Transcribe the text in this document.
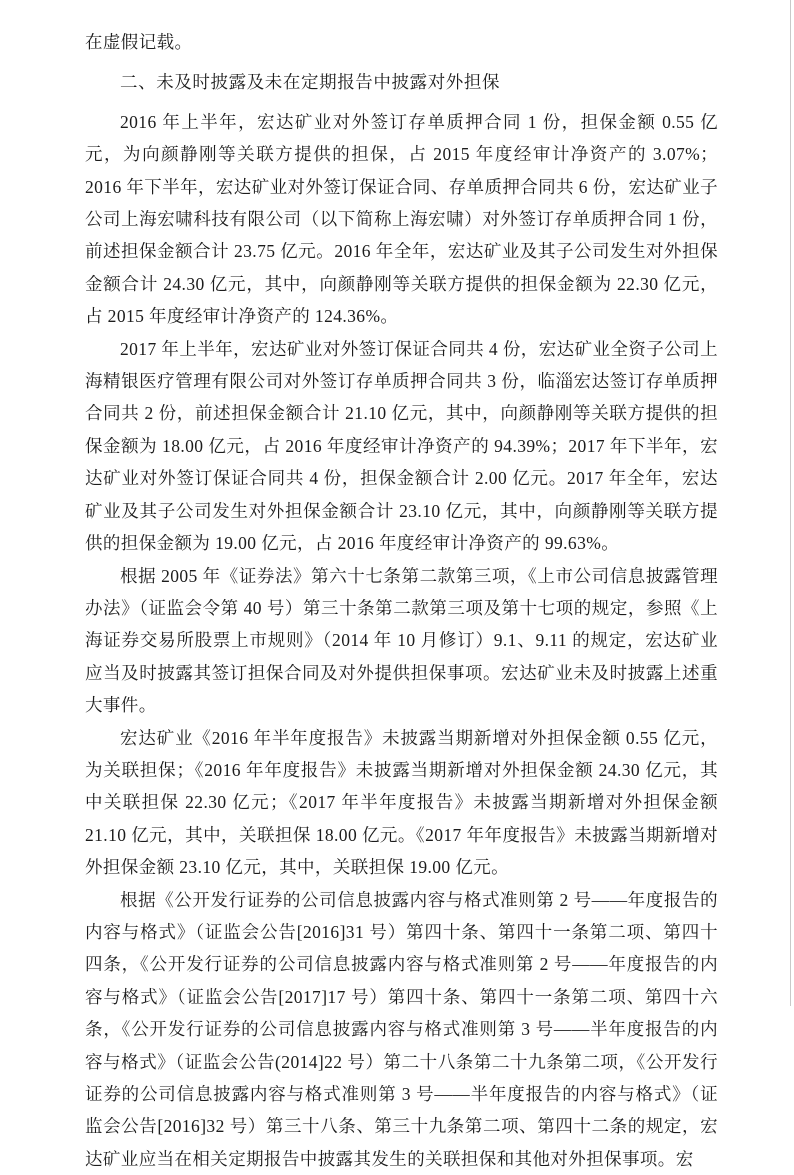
在虚假记载。

二、未及时披露及未在定期报告中披露对外担保

2016 年上半年，宏达矿业对外签订存单质押合同 1 份，担保金额 0.55 亿元，为向颜静刚等关联方提供的担保，占 2015 年度经审计净资产的 3.07%；2016 年下半年，宏达矿业对外签订保证合同、存单质押合同共 6 份，宏达矿业子公司上海宏啸科技有限公司（以下简称上海宏啸）对外签订存单质押合同 1 份，前述担保金额合计 23.75 亿元。2016 年全年，宏达矿业及其子公司发生对外担保金额合计 24.30 亿元，其中，向颜静刚等关联方提供的担保金额为 22.30 亿元，占 2015 年度经审计净资产的 124.36%。

2017 年上半年，宏达矿业对外签订保证合同共 4 份，宏达矿业全资子公司上海精银医疗管理有限公司对外签订存单质押合同共 3 份，临淄宏达签订存单质押合同共 2 份，前述担保金额合计 21.10 亿元，其中，向颜静刚等关联方提供的担保金额为 18.00 亿元，占 2016 年度经审计净资产的 94.39%；2017 年下半年，宏达矿业对外签订保证合同共 4 份，担保金额合计 2.00 亿元。2017 年全年，宏达矿业及其子公司发生对外担保金额合计 23.10 亿元，其中，向颜静刚等关联方提供的担保金额为 19.00 亿元，占 2016 年度经审计净资产的 99.63%。

根据 2005 年《证券法》第六十七条第二款第三项，《上市公司信息披露管理办法》（证监会令第 40 号）第三十条第二款第三项及第十七项的规定，参照《上海证券交易所股票上市规则》（2014 年 10 月修订）9.1、9.11 的规定，宏达矿业应当及时披露其签订担保合同及对外提供担保事项。宏达矿业未及时披露上述重大事件。

宏达矿业《2016 年半年度报告》未披露当期新增对外担保金额 0.55 亿元，为关联担保；《2016 年年度报告》未披露当期新增对外担保金额 24.30 亿元，其中关联担保 22.30 亿元；《2017 年半年度报告》未披露当期新增对外担保金额 21.10 亿元，其中，关联担保 18.00 亿元。《2017 年年度报告》未披露当期新增对外担保金额 23.10 亿元，其中，关联担保 19.00 亿元。

根据《公开发行证券的公司信息披露内容与格式准则第 2 号——年度报告的内容与格式》（证监会公告[2016]31 号）第四十条、第四十一条第二项、第四十四条，《公开发行证券的公司信息披露内容与格式准则第 2 号——年度报告的内容与格式》（证监会公告[2017]17 号）第四十条、第四十一条第二项、第四十六条，《公开发行证券的公司信息披露内容与格式准则第 3 号——半年度报告的内容与格式》（证监会公告(2014]22 号）第二十八条第二十九条第二项，《公开发行证券的公司信息披露内容与格式准则第 3 号——半年度报告的内容与格式》（证监会公告[2016]32 号）第三十八条、第三十九条第二项、第四十二条的规定，宏达矿业应当在相关定期报告中披露其发生的关联担保和其他对外担保事项。宏
